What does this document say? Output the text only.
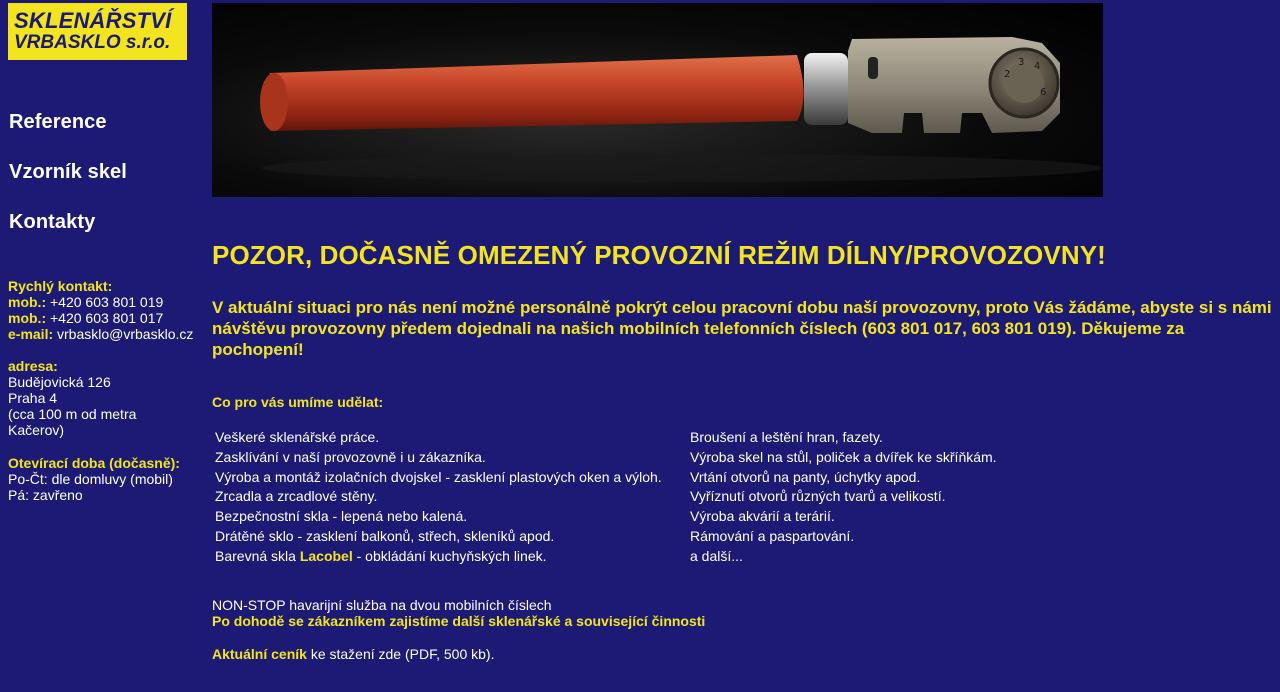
SKLENÁŘSTVÍ
VRBASKLO s.r.o.
Reference
Vzorník skel
Kontakty
Rychlý kontakt:
mob.: +420 603 801 019
mob.: +420 603 801 017
e-mail: vrbasklo@vrbasklo.cz
adresa:
Budějovická 126
Praha 4
(cca 100 m od metra
Kačerov)
Otevírací doba (dočasně):
Po-Čt: dle domluvy (mobil)
Pá: zavřeno
2
3 4
6
POZOR, DOČASNĚ OMEZENÝ PROVOZNÍ REŽIM DÍLNY/PROVOZOVNY!

V aktuální situaci pro nás není možné personálně pokrýt celou pracovní dobu naší provozovny, proto Vás žádáme, abyste si s námi návštěvu provozovny předem dojednali na našich mobilních telefonních číslech (603 801 017, 603 801 019). Děkujeme za pochopení!

Co pro vás umíme udělat:
Veškeré sklenářské práce.
Zasklívání v naší provozovně i u zákazníka.
Výroba a montáž izolačních dvojskel - zasklení plastových oken a výloh.
Zrcadla a zrcadlové stěny.
Bezpečnostní skla - lepená nebo kalená.
Drátěné sklo - zasklení balkonů, střech, skleníků apod.
Barevná skla Lacobel - obkládání kuchyňských linek.
Broušení a leštění hran, fazety.
Výroba skel na stůl, poliček a dvířek ke skříňkám.
Vrtání otvorů na panty, úchytky apod.
Vyříznutí otvorů různých tvarů a velikostí.
Výroba akvárií a terárií.
Rámování a paspartování.
a další...
NON-STOP havarijní služba na dvou mobilních číslech
Po dohodě se zákazníkem zajistíme další sklenářské a související činnosti
Aktuální ceník ke stažení zde (PDF, 500 kb).
